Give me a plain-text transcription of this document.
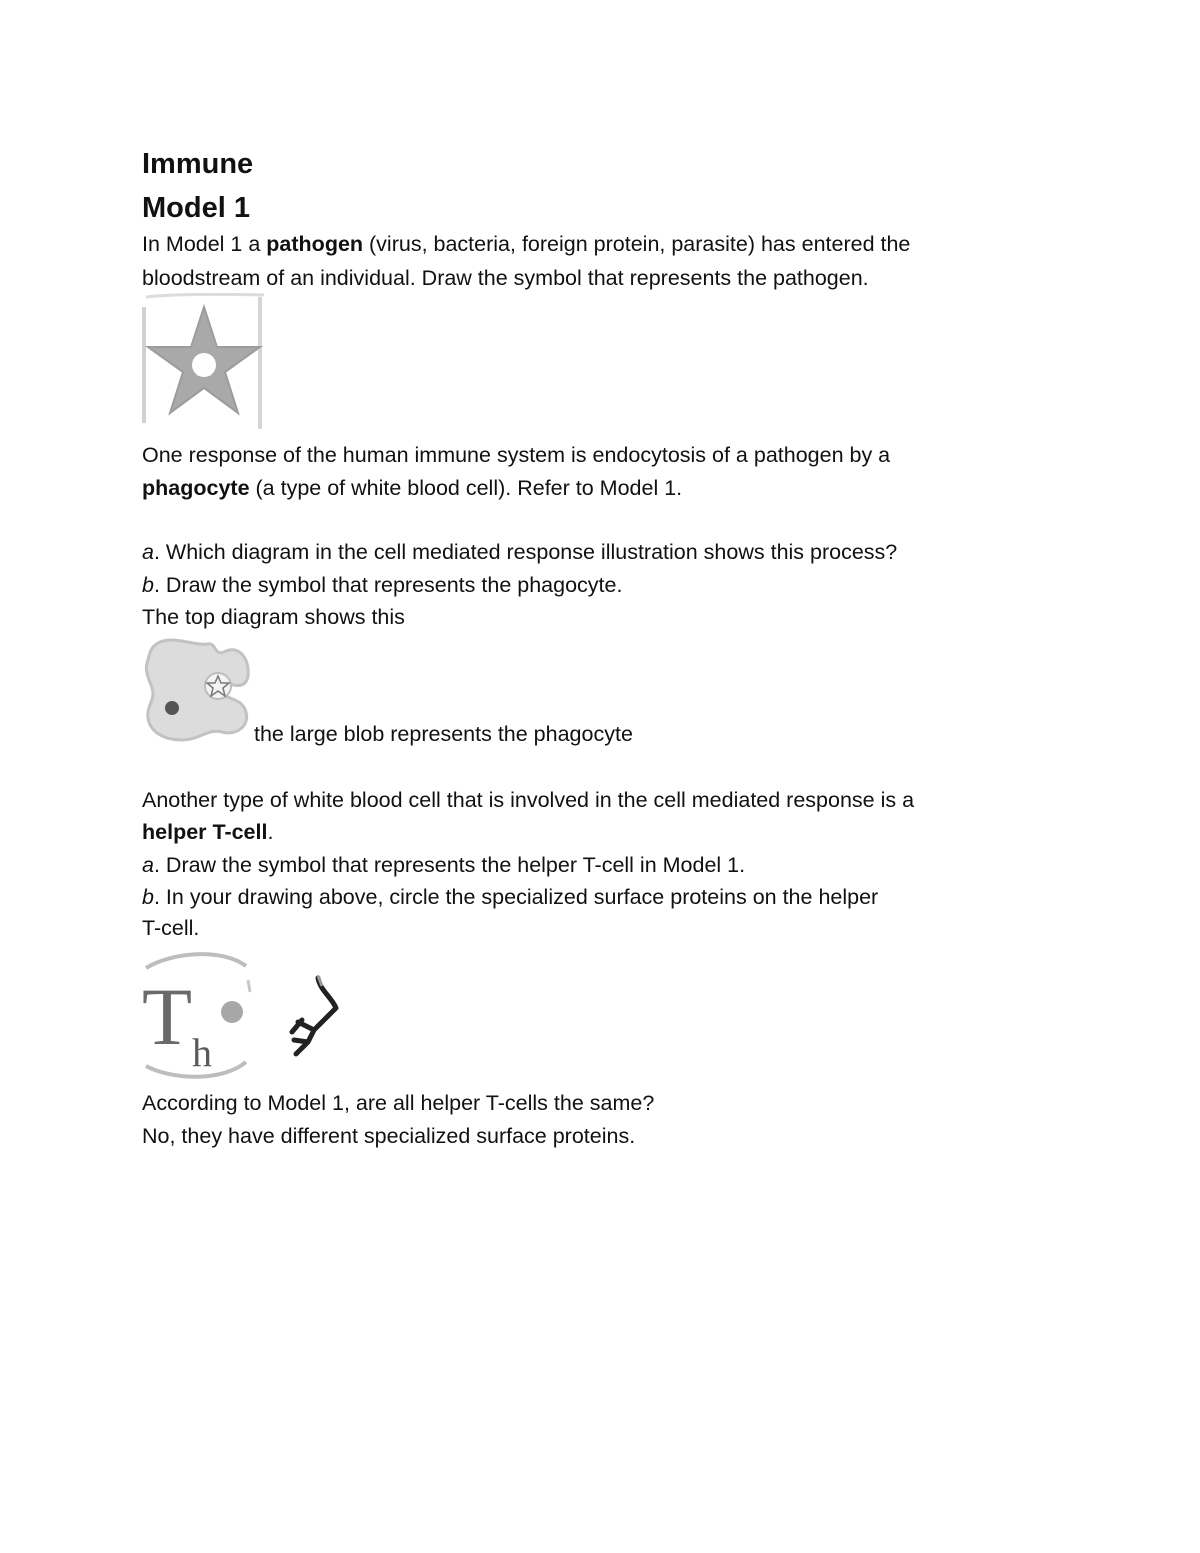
Immune
Model 1
In Model 1 a pathogen (virus, bacteria, foreign protein, parasite) has entered the
bloodstream of an individual. Draw the symbol that represents the pathogen.
One response of the human immune system is endocytosis of a pathogen by a
phagocyte (a type of white blood cell). Refer to Model 1.
a. Which diagram in the cell mediated response illustration shows this process?
b. Draw the symbol that represents the phagocyte.
The top diagram shows this
the large blob represents the phagocyte
Another type of white blood cell that is involved in the cell mediated response is a
helper T-cell.
a. Draw the symbol that represents the helper T-cell in Model 1.
b. In your drawing above, circle the specialized surface proteins on the helper
T-cell.
T h
According to Model 1, are all helper T-cells the same?
No, they have different specialized surface proteins.
